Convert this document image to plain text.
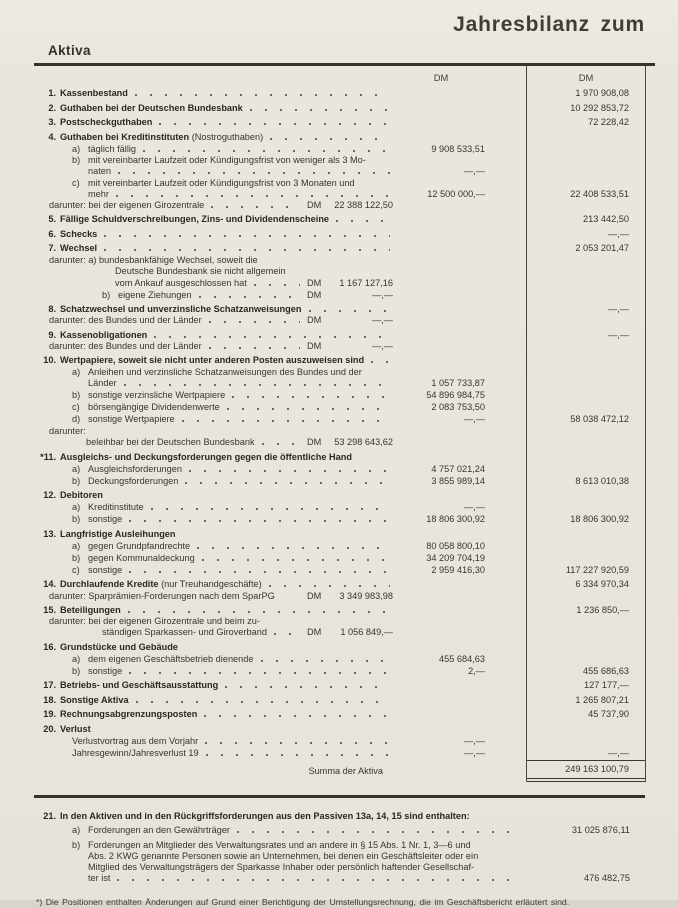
Jahresbilanz zum
Aktiva
DM	DM
1. Kassenbestand	1 970 908,08
2. Guthaben bei der Deutschen Bundesbank	10 292 853,72
3. Postscheckguthaben	72 228,42
4. Guthaben bei Kreditinstituten (Nostroguthaben)
a) täglich fällig	9 908 533,51
b) mit vereinbarter Laufzeit oder Kündigungsfrist von weniger als 3 Mo-
naten	—,—
c) mit vereinbarter Laufzeit oder Kündigungsfrist von 3 Monaten und
mehr	12 500 000,—	22 408 533,51
darunter: bei der eigenen Girozentrale	DM 22 388 122,50
5. Fällige Schuldverschreibungen, Zins- und Dividendenscheine	213 442,50
6. Schecks	—,—
7. Wechsel	2 053 201,47
darunter: a) bundesbankfähige Wechsel, soweit die
Deutsche Bundesbank sie nicht allgemein
vom Ankauf ausgeschlossen hat	DM 1 167 127,16
b) eigene Ziehungen	DM	—,—
8. Schatzwechsel und unverzinsliche Schatzanweisungen	—,—
darunter: des Bundes und der Länder	DM	—,—
9. Kassenobligationen	—,—
darunter: des Bundes und der Länder	DM	—,—
10. Wertpapiere, soweit sie nicht unter anderen Posten auszuweisen sind
a) Anleihen und verzinsliche Schatzanweisungen des Bundes und der
Länder	1 057 733,87
b) sonstige verzinsliche Wertpapiere	54 896 984,75
c) börsengängige Dividendenwerte	2 083 753,50
d) sonstige Wertpapiere	—,—	58 038 472,12
darunter:
beleihbar bei der Deutschen Bundesbank	DM 53 298 643,62
*11. Ausgleichs- und Deckungsforderungen gegen die öffentliche Hand
a) Ausgleichsforderungen	4 757 021,24
b) Deckungsforderungen	3 855 989,14	8 613 010,38
12. Debitoren
a) Kreditinstitute	—,—
b) sonstige	18 806 300,92	18 806 300,92
13. Langfristige Ausleihungen
a) gegen Grundpfandrechte	80 058 800,10
b) gegen Kommunaldeckung	34 209 704,19
c) sonstige	2 959 416,30	117 227 920,59
14. Durchlaufende Kredite (nur Treuhandgeschäfte)	6 334 970,34
darunter: Sparprämien-Forderungen nach dem SparPG	DM 3 349 983,98
15. Beteiligungen	1 236 850,—
darunter: bei der eigenen Girozentrale und beim zu-
ständigen Sparkassen- und Giroverband	DM 1 056 849,—
16. Grundstücke und Gebäude
a) dem eigenen Geschäftsbetrieb dienende	455 684,63
b) sonstige	2,—	455 686,63
17. Betriebs- und Geschäftsausstattung	127 177,—
18. Sonstige Aktiva	1 265 807,21
19. Rechnungsabgrenzungsposten	45 737,90
20. Verlust
Verlustvortrag aus dem Vorjahr	—,—
Jahresgewinn/Jahresverlust 19	—,—	—,—
Summa der Aktiva	249 163 100,79
21. In den Aktiven und in den Rückgriffsforderungen aus den Passiven 13a, 14, 15 sind enthalten:
a) Forderungen an den Gewährträger	31 025 876,11
b) Forderungen an Mitglieder des Verwaltungsrates und an andere in § 15 Abs. 1 Nr. 1, 3—6 und
Abs. 2 KWG genannte Personen sowie an Unternehmen, bei denen ein Geschäftsleiter oder ein
Mitglied des Verwaltungsträgers der Sparkasse Inhaber oder persönlich haftender Gesellschaf-
ter ist	476 482,75
*) Die Positionen enthalten Änderungen auf Grund einer Berichtigung der Umstellungsrechnung, die im Geschäftsbericht erläutert sind.
